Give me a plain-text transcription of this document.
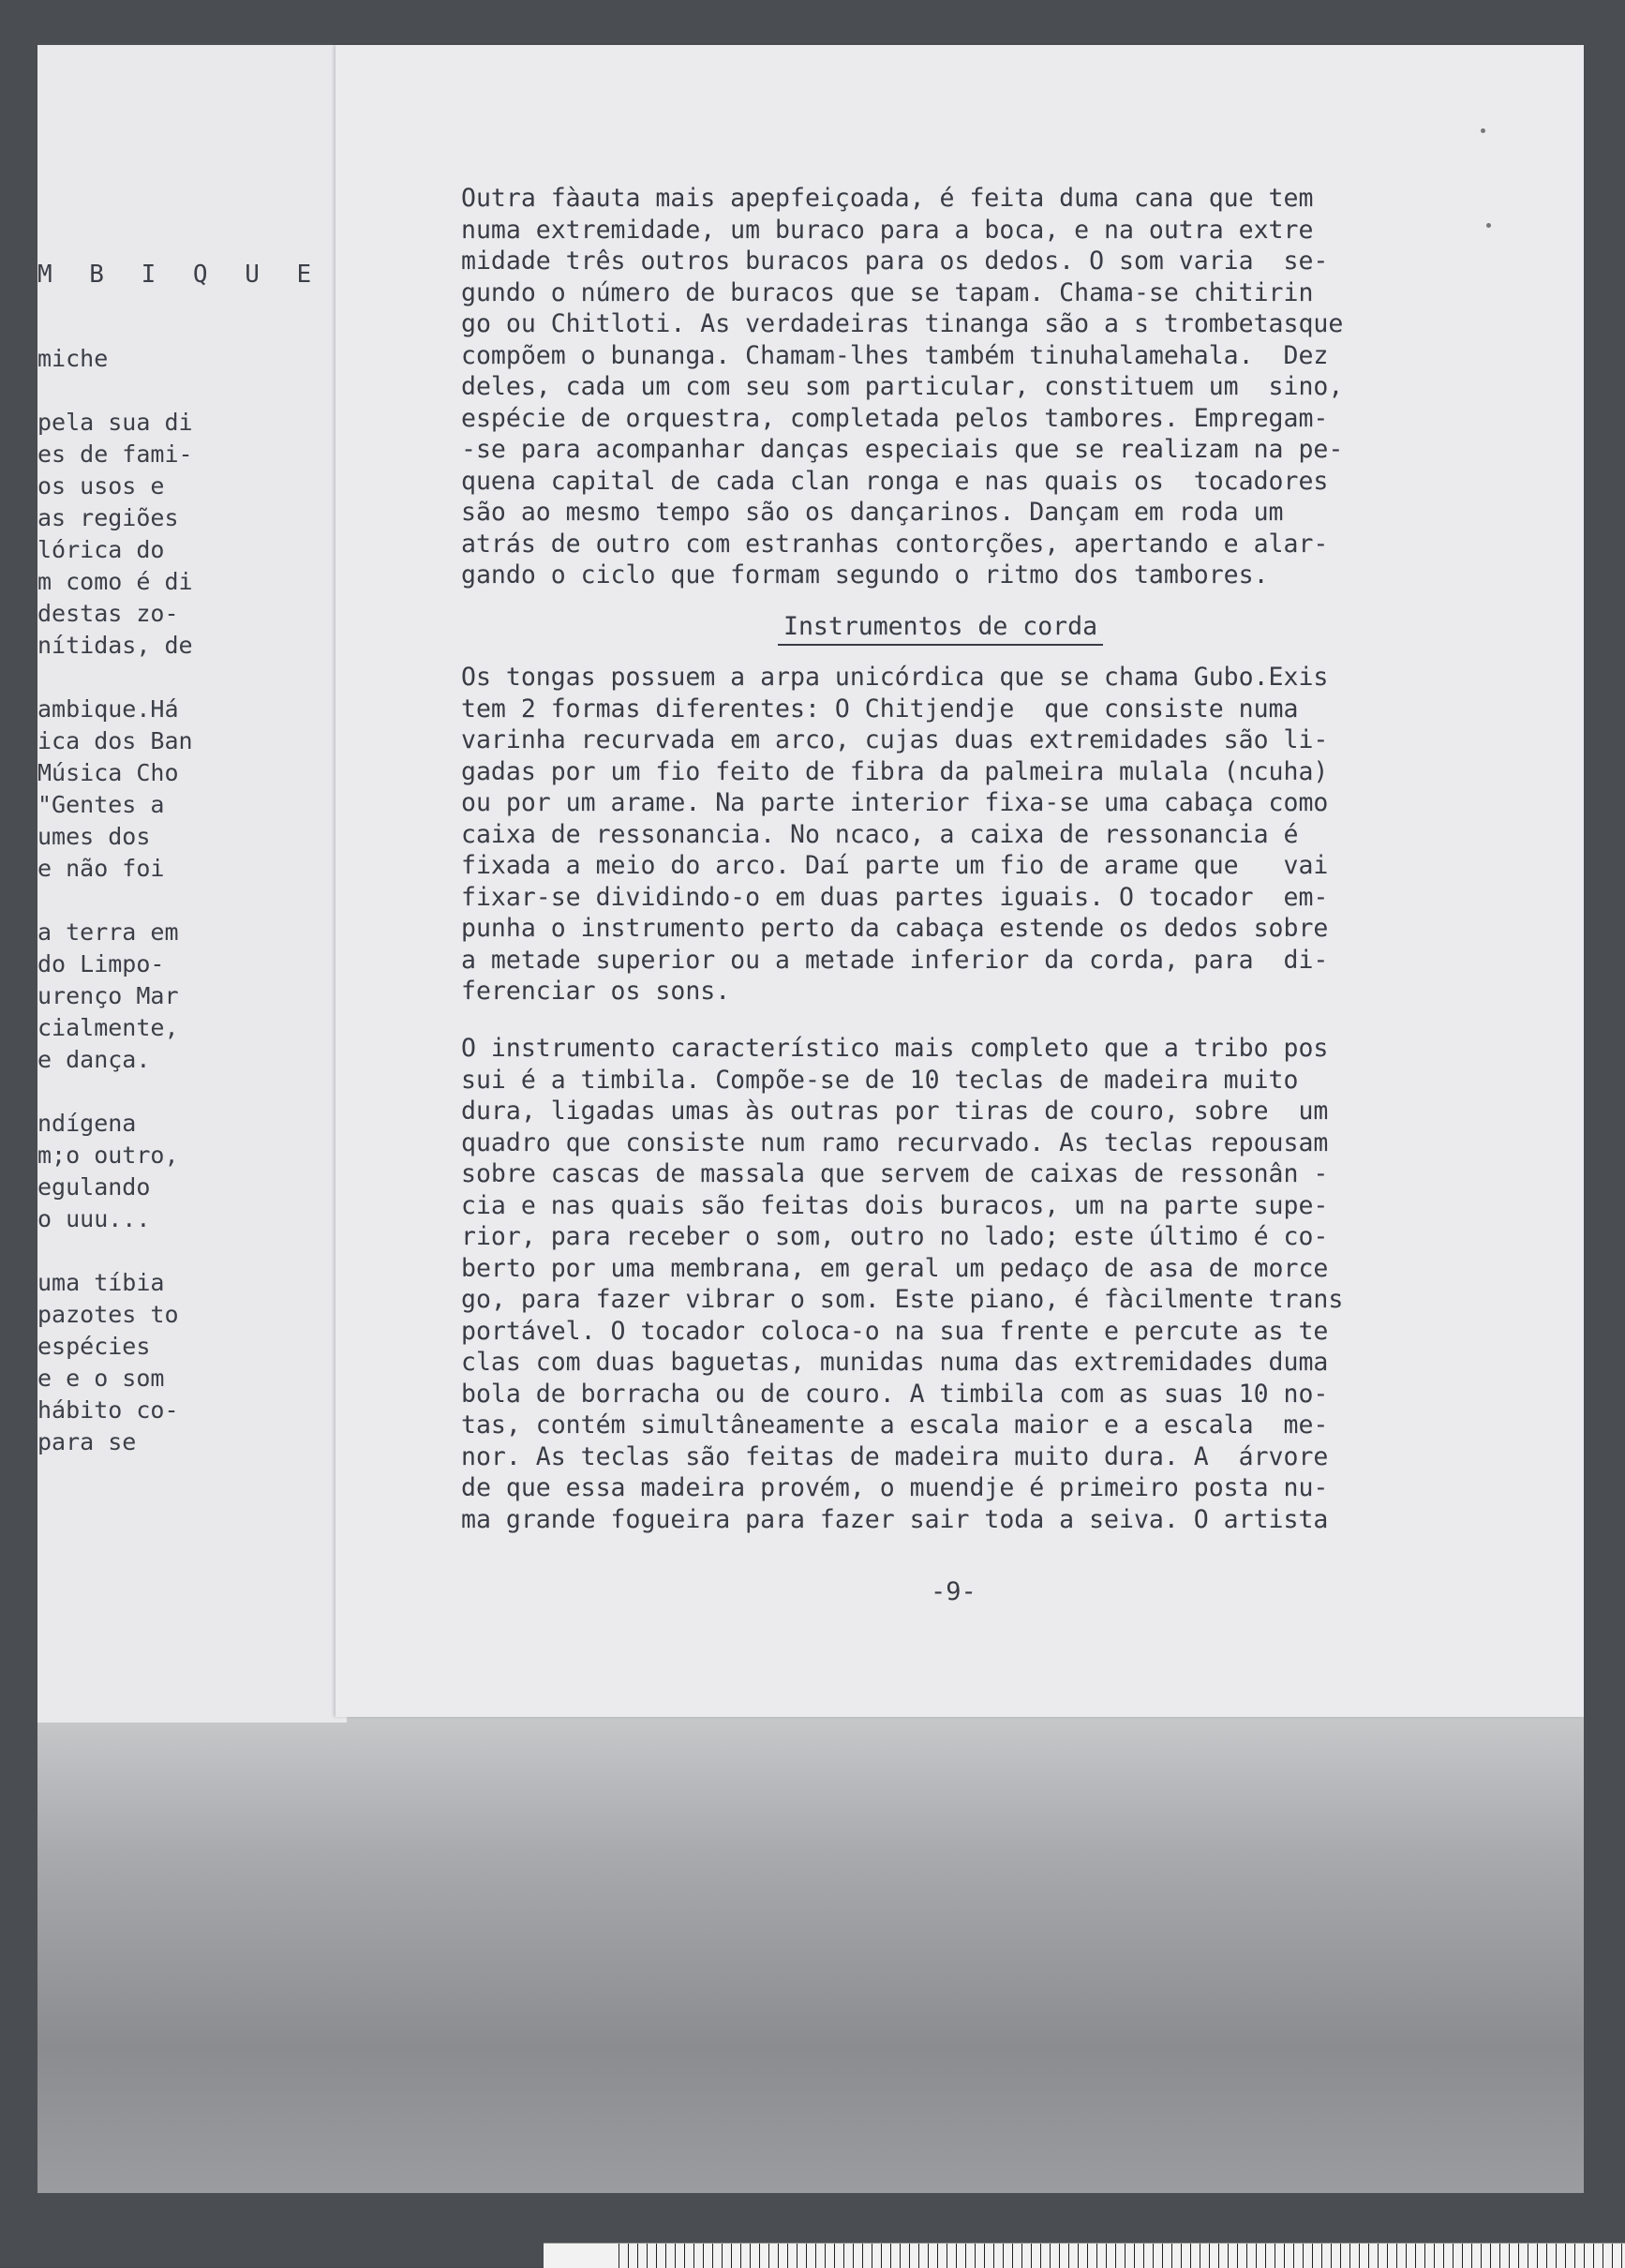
M B I Q U E
miche
pela sua di
es de fami-
os usos e
as regiões
lórica do
m como é di
destas zo-
nítidas, de
ambique.Há
ica dos Ban
Música Cho
"Gentes a
umes dos
e não foi
a terra em
do Limpo-
urenço Mar
cialmente,
e dança.
ndígena
m;o outro,
egulando
o uuu...
uma tíbia
pazotes to
espécies
e e o som
hábito co-
para se
Outra fàauta mais apepfeiçoada, é feita duma cana que tem
numa extremidade, um buraco para a boca, e na outra extre
midade três outros buracos para os dedos. O som varia  se-
gundo o número de buracos que se tapam. Chama-se chitirin
go ou Chitloti. As verdadeiras tinanga são a s trombetasque
compõem o bunanga. Chamam-lhes também tinuhalamehala.  Dez
deles, cada um com seu som particular, constituem um  sino,
espécie de orquestra, completada pelos tambores. Empregam-
-se para acompanhar danças especiais que se realizam na pe-
quena capital de cada clan ronga e nas quais os  tocadores
são ao mesmo tempo são os dançarinos. Dançam em roda um
atrás de outro com estranhas contorções, apertando e alar-
gando o ciclo que formam segundo o ritmo dos tambores.
Instrumentos de corda
Os tongas possuem a arpa unicórdica que se chama Gubo.Exis
tem 2 formas diferentes: O Chitjendje  que consiste numa
varinha recurvada em arco, cujas duas extremidades são li-
gadas por um fio feito de fibra da palmeira mulala (ncuha)
ou por um arame. Na parte interior fixa-se uma cabaça como
caixa de ressonancia. No ncaco, a caixa de ressonancia é
fixada a meio do arco. Daí parte um fio de arame que   vai
fixar-se dividindo-o em duas partes iguais. O tocador  em-
punha o instrumento perto da cabaça estende os dedos sobre
a metade superior ou a metade inferior da corda, para  di-
ferenciar os sons.
O instrumento característico mais completo que a tribo pos
sui é a timbila. Compõe-se de 10 teclas de madeira muito
dura, ligadas umas às outras por tiras de couro, sobre  um
quadro que consiste num ramo recurvado. As teclas repousam
sobre cascas de massala que servem de caixas de ressonân -
cia e nas quais são feitas dois buracos, um na parte supe-
rior, para receber o som, outro no lado; este último é co-
berto por uma membrana, em geral um pedaço de asa de morce
go, para fazer vibrar o som. Este piano, é fàcilmente trans
portável. O tocador coloca-o na sua frente e percute as te
clas com duas baguetas, munidas numa das extremidades duma
bola de borracha ou de couro. A timbila com as suas 10 no-
tas, contém simultâneamente a escala maior e a escala  me-
nor. As teclas são feitas de madeira muito dura. A  árvore
de que essa madeira provém, o muendje é primeiro posta nu-
ma grande fogueira para fazer sair toda a seiva. O artista
-9-
